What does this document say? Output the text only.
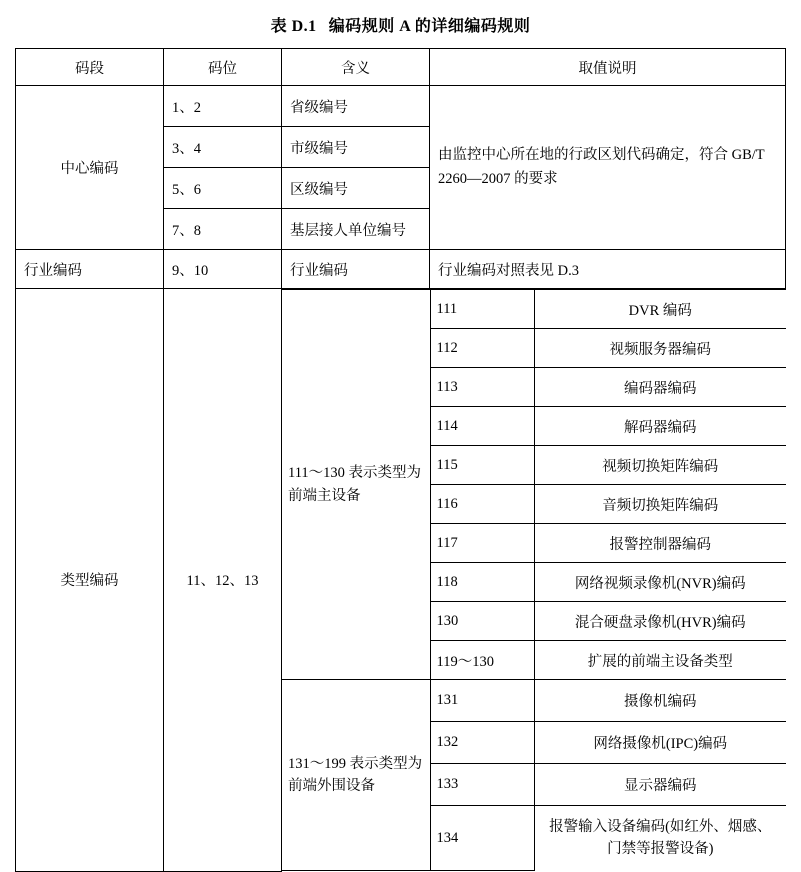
表 D.1 编码规则 A 的详细编码规则
码段	码位	含义	取值说明
中心编码	1、2	省级编号	由监控中心所在地的行政区划代码确定，符合 GB/T 2260—2007 的要求
3、4	市级编号
5、6	区级编号
7、8	基层接人单位编号
行业编码	9、10	行业编码	行业编码对照表见 D.3
类型编码	11、12、13	
111～130 表示类型为前端主设备	111	DVR 编码
112	视频服务器编码
113	编码器编码
114	解码器编码
115	视频切换矩阵编码
116	音频切换矩阵编码
117	报警控制器编码
118	网络视频录像机(NVR)编码
130	混合硬盘录像机(HVR)编码
119～130	扩展的前端主设备类型
131～199 表示类型为前端外围设备	131	摄像机编码
132	网络摄像机(IPC)编码
133	显示器编码
134	报警输入设备编码(如红外、烟感、门禁等报警设备)
